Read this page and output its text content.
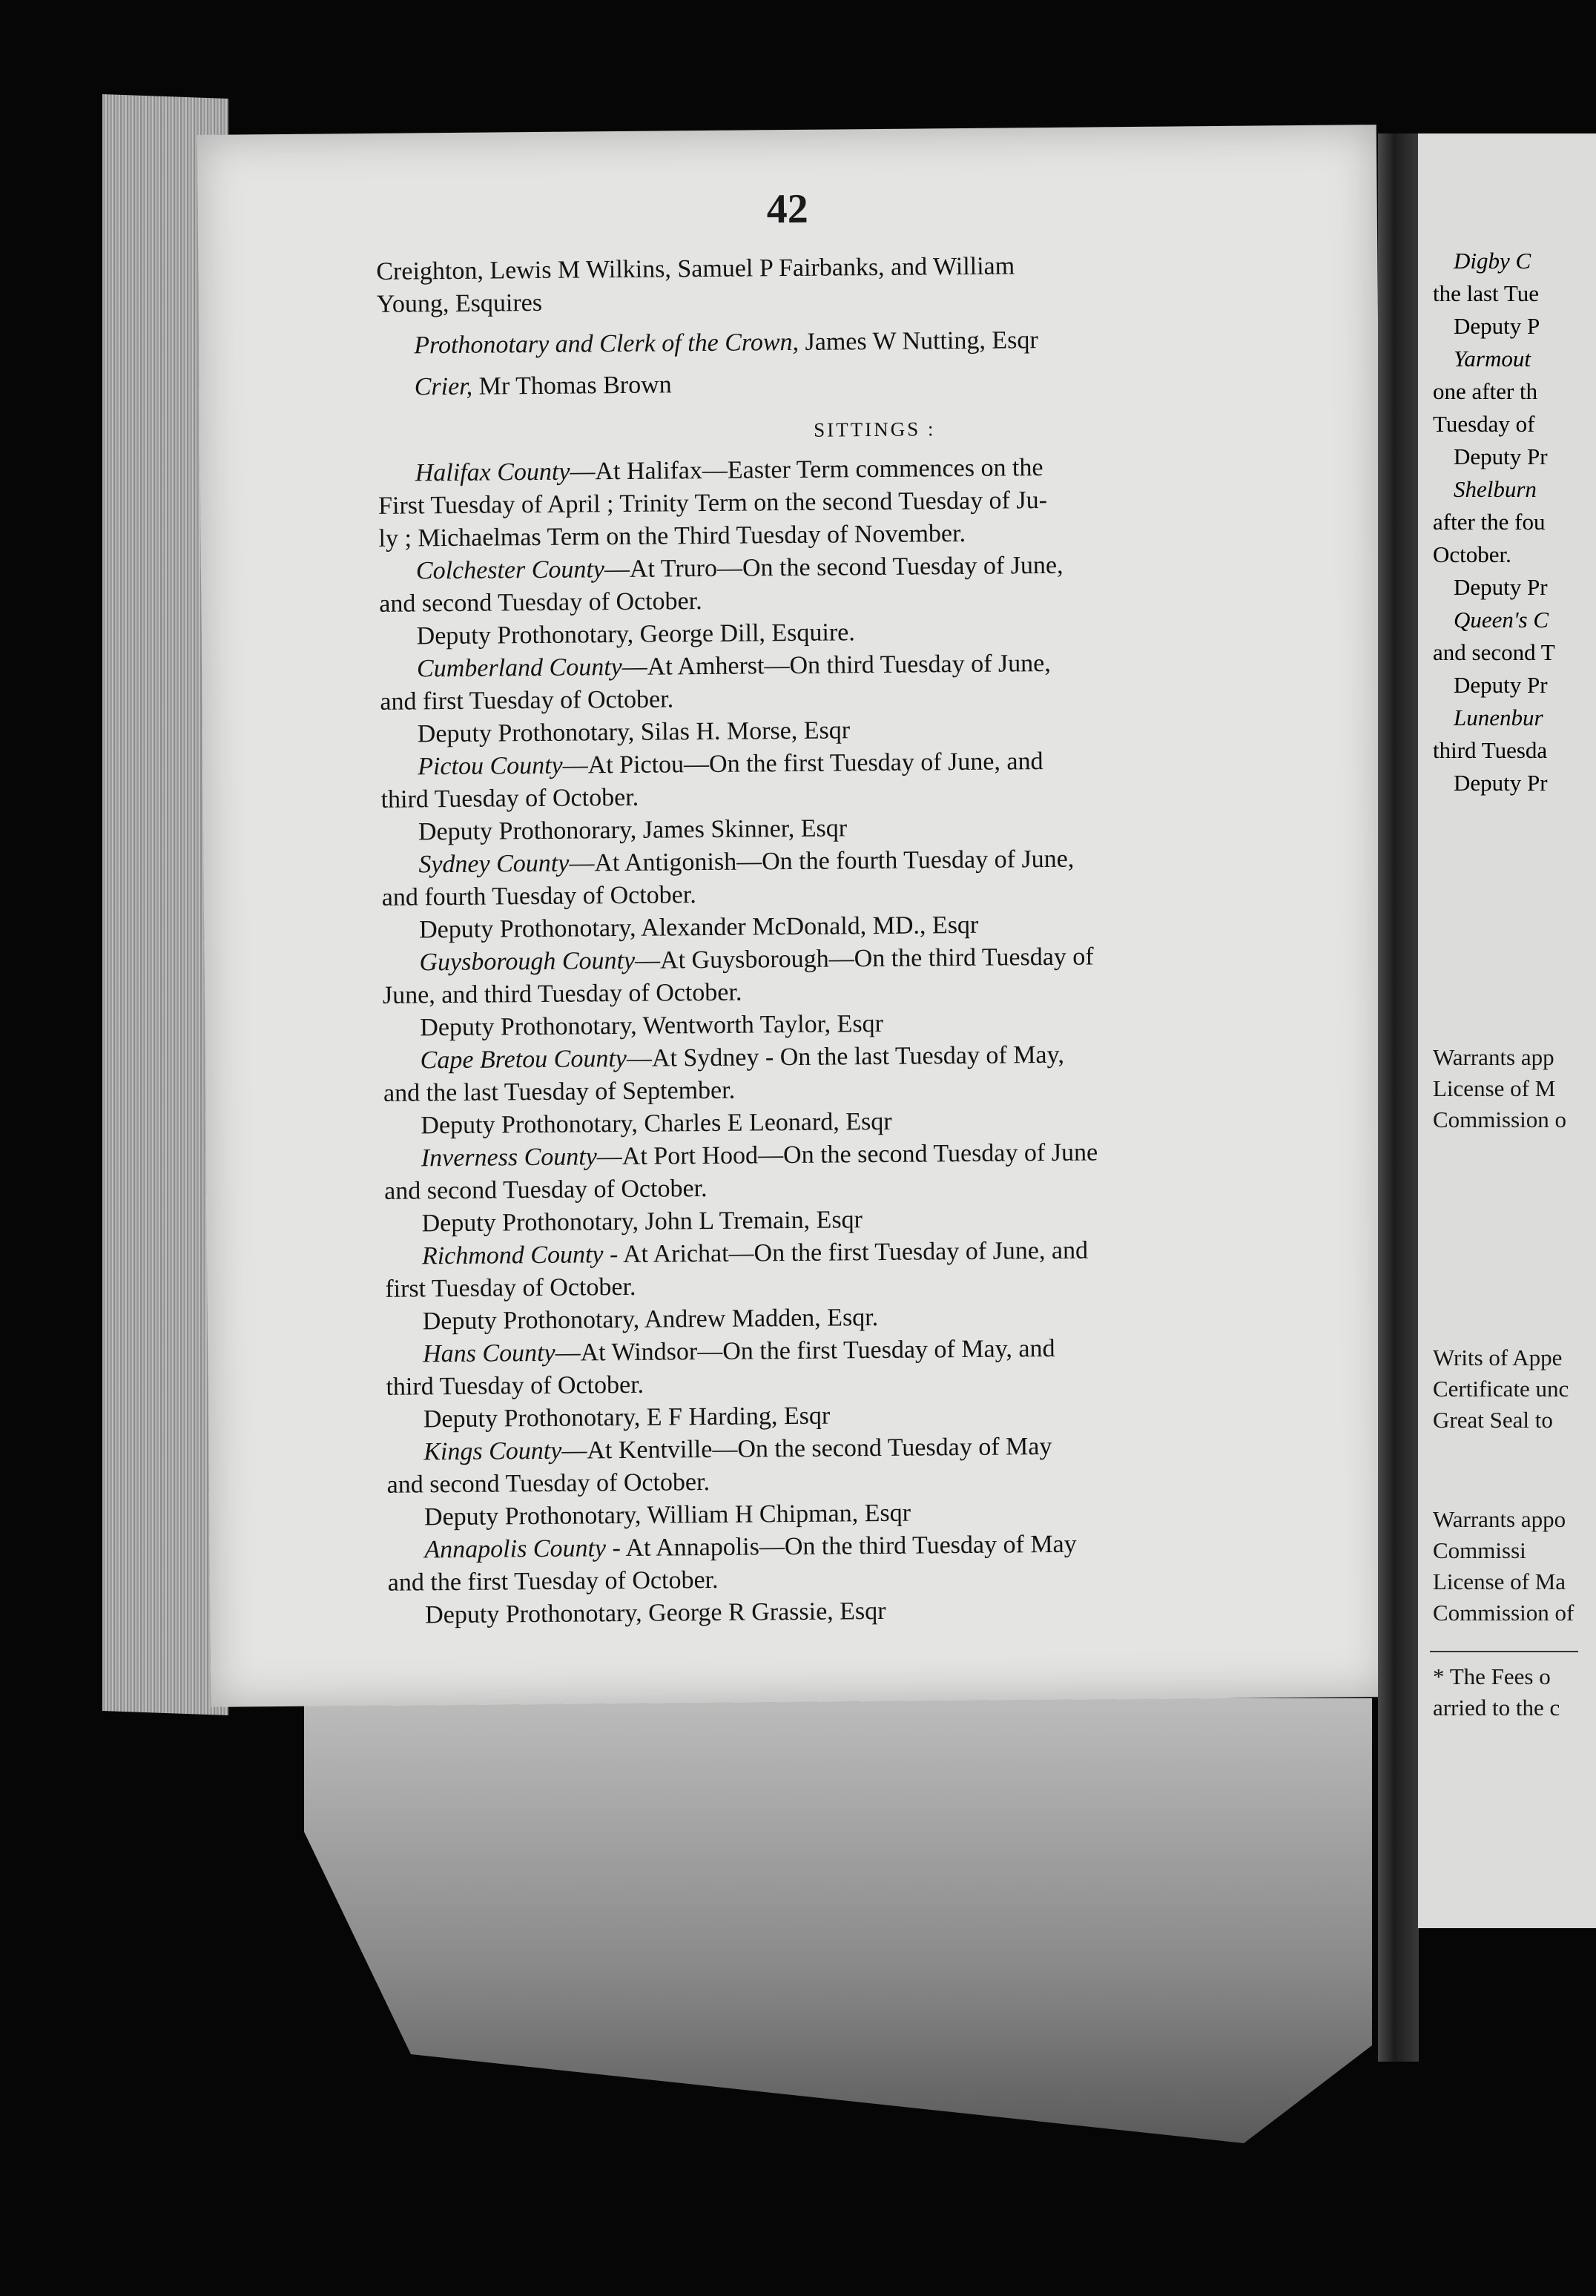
42
Creighton, Lewis M Wilkins, Samuel P Fairbanks, and William
Young, Esquires
Prothonotary and Clerk of the Crown, James W Nutting, Esqr
Crier, Mr Thomas Brown
SITTINGS :
Halifax County—At Halifax—Easter Term commences on the
First Tuesday of April ; Trinity Term on the second Tuesday of Ju-
ly ; Michaelmas Term on the Third Tuesday of November.
Colchester County—At Truro—On the second Tuesday of June,
and second Tuesday of October.
Deputy Prothonotary, George Dill, Esquire.
Cumberland County—At Amherst—On third Tuesday of June,
and first Tuesday of October.
Deputy Prothonotary, Silas H. Morse, Esqr
Pictou County—At Pictou—On the first Tuesday of June, and
third Tuesday of October.
Deputy Prothonorary, James Skinner, Esqr
Sydney County—At Antigonish—On the fourth Tuesday of June,
and fourth Tuesday of October.
Deputy Prothonotary, Alexander McDonald, MD., Esqr
Guysborough County—At Guysborough—On the third Tuesday of
June, and third Tuesday of October.
Deputy Prothonotary, Wentworth Taylor, Esqr
Cape Bretou County—At Sydney - On the last Tuesday of May,
and the last Tuesday of September.
Deputy Prothonotary, Charles E Leonard, Esqr
Inverness County—At Port Hood—On the second Tuesday of June
and second Tuesday of October.
Deputy Prothonotary, John L Tremain, Esqr
Richmond County - At Arichat—On the first Tuesday of June, and
first Tuesday of October.
Deputy Prothonotary, Andrew Madden, Esqr.
Hans County—At Windsor—On the first Tuesday of May, and
third Tuesday of October.
Deputy Prothonotary, E F Harding, Esqr
Kings County—At Kentville—On the second Tuesday of May
and second Tuesday of October.
Deputy Prothonotary, William H Chipman, Esqr
Annapolis County - At Annapolis—On the third Tuesday of May
and the first Tuesday of October.
Deputy Prothonotary, George R Grassie, Esqr
Digby C
the last Tue
Deputy P
Yarmout
one after th
Tuesday of
Deputy Pr
Shelburn
after the fou
October.
Deputy Pr
Queen's C
and second T
Deputy Pr
Lunenbur
third Tuesda
Deputy Pr
Warrants app
License of M
Commission o
Writs of Appe
Certificate unc
Great Seal to
Warrants appo
Commissi
License of Ma
Commission of
* The Fees o
arried to the c
